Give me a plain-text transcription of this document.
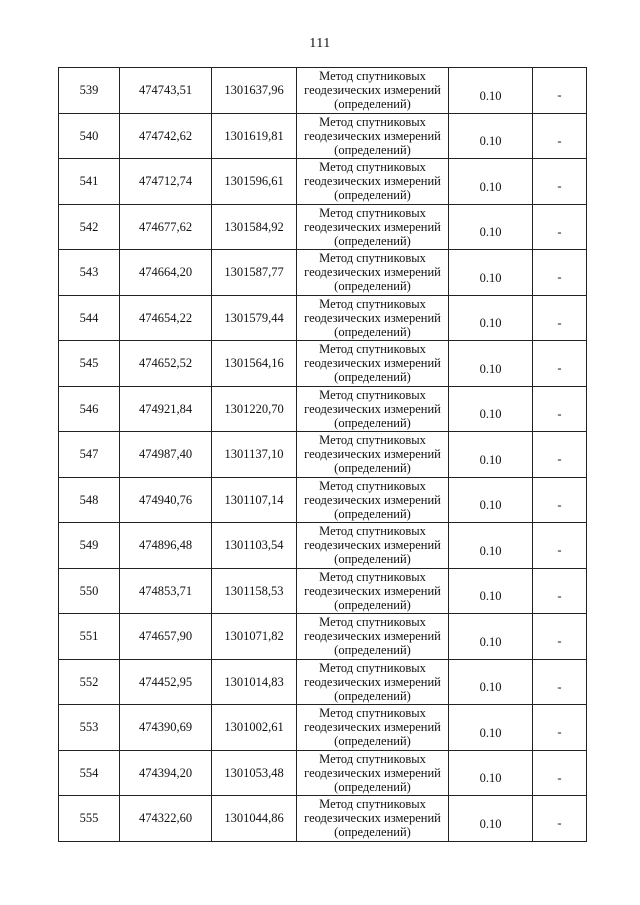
111
539	474743,51	1301637,96	Метод спутниковых
геодезических измерений
(определений)	0.10	-

540	474742,62	1301619,81	Метод спутниковых
геодезических измерений
(определений)	0.10	-

541	474712,74	1301596,61	Метод спутниковых
геодезических измерений
(определений)	0.10	-

542	474677,62	1301584,92	Метод спутниковых
геодезических измерений
(определений)	0.10	-

543	474664,20	1301587,77	Метод спутниковых
геодезических измерений
(определений)	0.10	-

544	474654,22	1301579,44	Метод спутниковых
геодезических измерений
(определений)	0.10	-

545	474652,52	1301564,16	Метод спутниковых
геодезических измерений
(определений)	0.10	-

546	474921,84	1301220,70	Метод спутниковых
геодезических измерений
(определений)	0.10	-

547	474987,40	1301137,10	Метод спутниковых
геодезических измерений
(определений)	0.10	-

548	474940,76	1301107,14	Метод спутниковых
геодезических измерений
(определений)	0.10	-

549	474896,48	1301103,54	Метод спутниковых
геодезических измерений
(определений)	0.10	-

550	474853,71	1301158,53	Метод спутниковых
геодезических измерений
(определений)	0.10	-

551	474657,90	1301071,82	Метод спутниковых
геодезических измерений
(определений)	0.10	-

552	474452,95	1301014,83	Метод спутниковых
геодезических измерений
(определений)	0.10	-

553	474390,69	1301002,61	Метод спутниковых
геодезических измерений
(определений)	0.10	-

554	474394,20	1301053,48	Метод спутниковых
геодезических измерений
(определений)	0.10	-

555	474322,60	1301044,86	Метод спутниковых
геодезических измерений
(определений)	0.10	-
